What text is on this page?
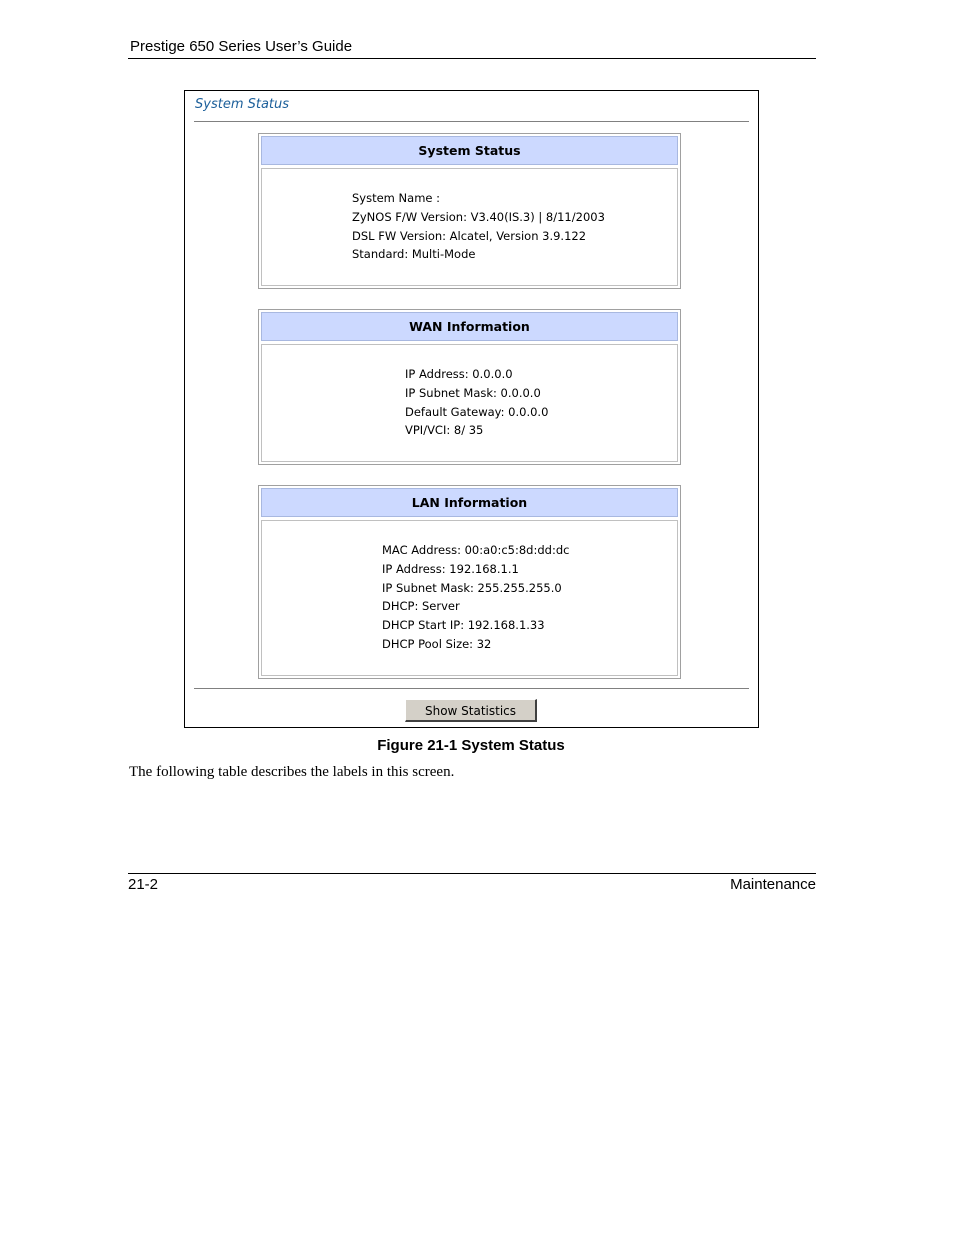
Prestige 650 Series User’s Guide
System Status
System Status
System Name :
ZyNOS F/W Version: V3.40(IS.3) | 8/11/2003
DSL FW Version: Alcatel, Version 3.9.122
Standard: Multi-Mode
WAN Information
IP Address: 0.0.0.0
IP Subnet Mask: 0.0.0.0
Default Gateway: 0.0.0.0
VPI/VCI: 8/ 35
LAN Information
MAC Address: 00:a0:c5:8d:dd:dc
IP Address: 192.168.1.1
IP Subnet Mask: 255.255.255.0
DHCP: Server
DHCP Start IP: 192.168.1.33
DHCP Pool Size: 32
Show Statistics
Figure 21-1 System Status
The following table describes the labels in this screen.
21-2	Maintenance
